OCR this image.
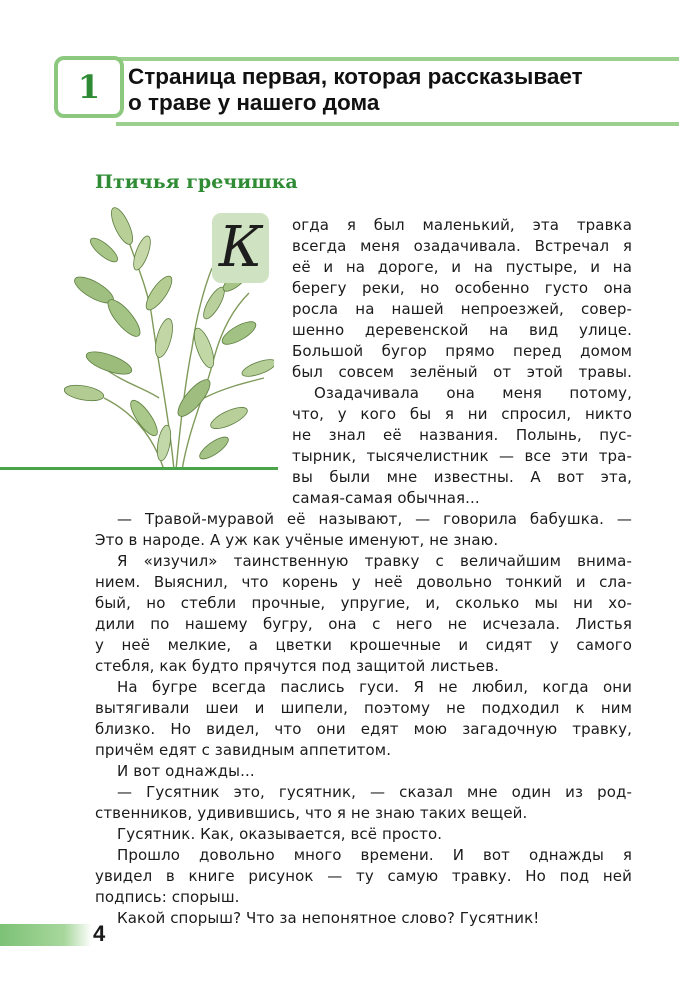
1 Страница первая, которая рассказывает
о траве у нашего дома
Птичья гречишка
К огда я был маленький, эта травка
всегда меня озадачивала. Встречал я
её и на дороге, и на пустыре, и на
берегу реки, но особенно густо она
росла на нашей непроезжей, совер-
шенно деревенской на вид улице.
Большой бугор прямо перед домом
был совсем зелёный от этой травы.
Озадачивала она меня потому,
что, у кого бы я ни спросил, никто
не знал её названия. Полынь, пус-
тырник, тысячелистник — все эти тра-
вы были мне известны. А вот эта,
самая-самая обычная...
— Травой-муравой её называют, — говорила бабушка. —
Это в народе. А уж как учёные именуют, не знаю.
Я «изучил» таинственную травку с величайшим внима-
нием. Выяснил, что корень у неё довольно тонкий и сла-
бый, но стебли прочные, упругие, и, сколько мы ни хо-
дили по нашему бугру, она с него не исчезала. Листья
у неё мелкие, а цветки крошечные и сидят у самого
стебля, как будто прячутся под защитой листьев.
На бугре всегда паслись гуси. Я не любил, когда они
вытягивали шеи и шипели, поэтому не подходил к ним
близко. Но видел, что они едят мою загадочную травку,
причём едят с завидным аппетитом.
И вот однажды...
— Гусятник это, гусятник, — сказал мне один из род-
ственников, удивившись, что я не знаю таких вещей.
Гусятник. Как, оказывается, всё просто.
Прошло довольно много времени. И вот однажды я
увидел в книге рисунок — ту самую травку. Но под ней
подпись: спорыш.
Какой спорыш? Что за непонятное слово? Гусятник!
4
